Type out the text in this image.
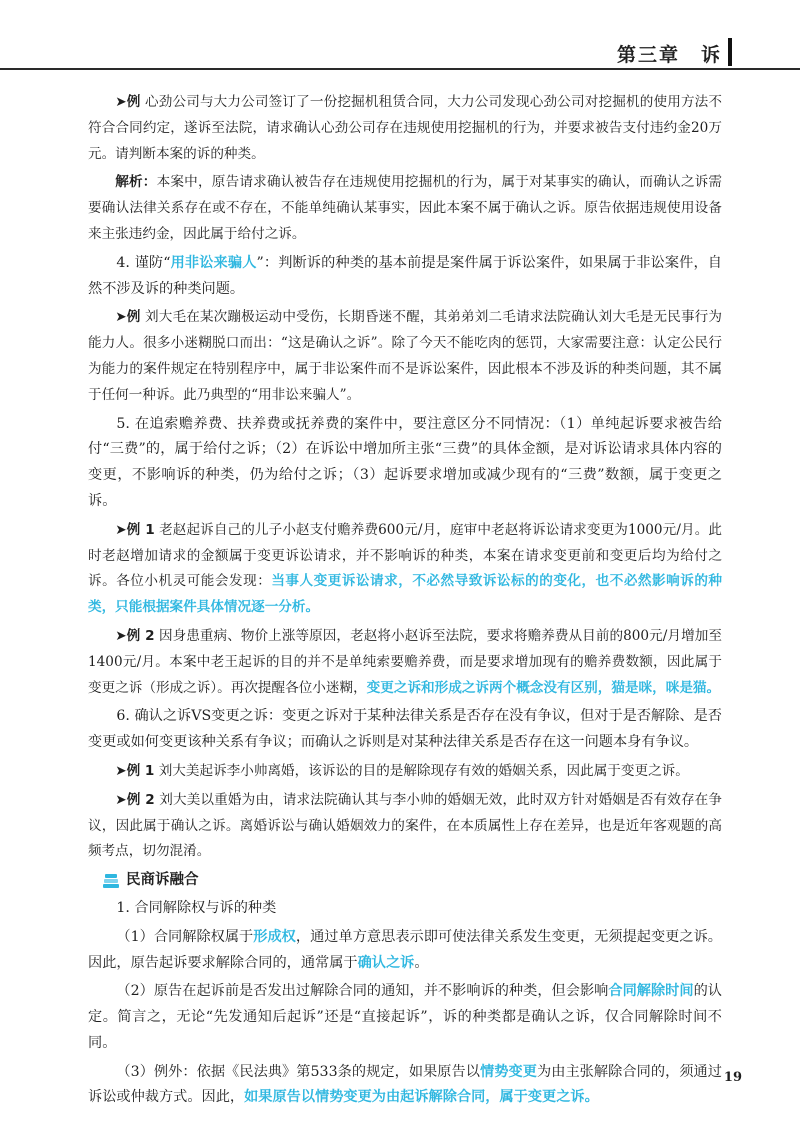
第三章　诉

➤例 心劲公司与大力公司签订了一份挖掘机租赁合同，大力公司发现心劲公司对挖掘机的使用方法不符合合同约定，遂诉至法院，请求确认心劲公司存在违规使用挖掘机的行为，并要求被告支付违约金20万元。请判断本案的诉的种类。

解析：本案中，原告请求确认被告存在违规使用挖掘机的行为，属于对某事实的确认，而确认之诉需要确认法律关系存在或不存在，不能单纯确认某事实，因此本案不属于确认之诉。原告依据违规使用设备来主张违约金，因此属于给付之诉。

4. 谨防“用非讼来骗人”：判断诉的种类的基本前提是案件属于诉讼案件，如果属于非讼案件，自然不涉及诉的种类问题。

➤例 刘大毛在某次蹦极运动中受伤，长期昏迷不醒，其弟弟刘二毛请求法院确认刘大毛是无民事行为能力人。很多小迷糊脱口而出：“这是确认之诉”。除了今天不能吃肉的惩罚，大家需要注意：认定公民行为能力的案件规定在特别程序中，属于非讼案件而不是诉讼案件，因此根本不涉及诉的种类问题，其不属于任何一种诉。此乃典型的“用非讼来骗人”。

5. 在追索赡养费、扶养费或抚养费的案件中，要注意区分不同情况：（1）单纯起诉要求被告给付“三费”的，属于给付之诉；（2）在诉讼中增加所主张“三费”的具体金额，是对诉讼请求具体内容的变更，不影响诉的种类，仍为给付之诉；（3）起诉要求增加或减少现有的“三费”数额，属于变更之诉。

➤例 1 老赵起诉自己的儿子小赵支付赡养费600元/月，庭审中老赵将诉讼请求变更为1000元/月。此时老赵增加请求的金额属于变更诉讼请求，并不影响诉的种类，本案在请求变更前和变更后均为给付之诉。各位小机灵可能会发现：当事人变更诉讼请求，不必然导致诉讼标的的变化，也不必然影响诉的种类，只能根据案件具体情况逐一分析。

➤例 2 因身患重病、物价上涨等原因，老赵将小赵诉至法院，要求将赡养费从目前的800元/月增加至1400元/月。本案中老王起诉的目的并不是单纯索要赡养费，而是要求增加现有的赡养费数额，因此属于变更之诉（形成之诉）。再次提醒各位小迷糊，变更之诉和形成之诉两个概念没有区别，猫是咪，咪是猫。

6. 确认之诉VS变更之诉：变更之诉对于某种法律关系是否存在没有争议，但对于是否解除、是否变更或如何变更该种关系有争议；而确认之诉则是对某种法律关系是否存在这一问题本身有争议。

➤例 1 刘大美起诉李小帅离婚，该诉讼的目的是解除现存有效的婚姻关系，因此属于变更之诉。

➤例 2 刘大美以重婚为由，请求法院确认其与李小帅的婚姻无效，此时双方针对婚姻是否有效存在争议，因此属于确认之诉。离婚诉讼与确认婚姻效力的案件，在本质属性上存在差异，也是近年客观题的高频考点，切勿混淆。

民商诉融合

1. 合同解除权与诉的种类

（1）合同解除权属于形成权，通过单方意思表示即可使法律关系发生变更，无须提起变更之诉。因此，原告起诉要求解除合同的，通常属于确认之诉。

（2）原告在起诉前是否发出过解除合同的通知，并不影响诉的种类，但会影响合同解除时间的认定。简言之，无论“先发通知后起诉”还是“直接起诉”，诉的种类都是确认之诉，仅合同解除时间不同。

（3）例外：依据《民法典》第533条的规定，如果原告以情势变更为由主张解除合同的，须通过诉讼或仲裁方式。因此，如果原告以情势变更为由起诉解除合同，属于变更之诉。

19
